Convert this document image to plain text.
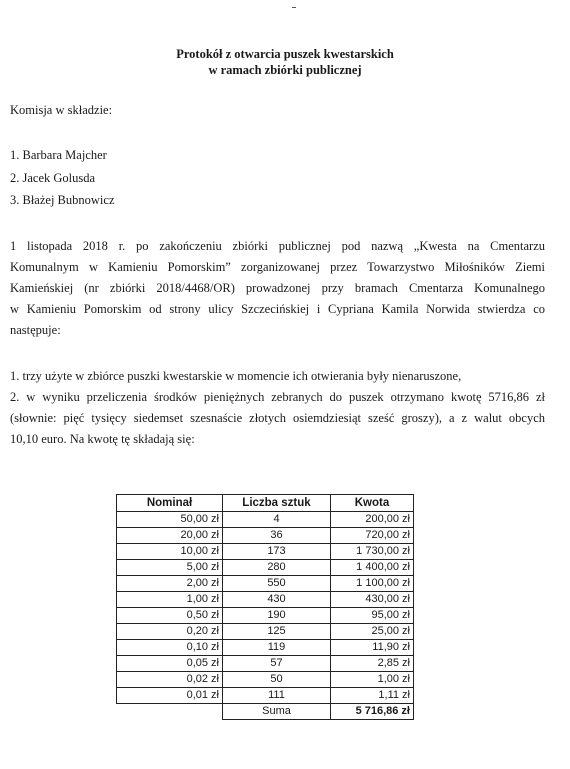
Protokół z otwarcia puszek kwestarskich
w ramach zbiórki publicznej
Komisja w składzie:
1. Barbara Majcher
2. Jacek Golusda
3. Błażej Bubnowicz
1 listopada 2018 r. po zakończeniu zbiórki publicznej pod nazwą „Kwesta na Cmentarzu
Komunalnym w Kamieniu Pomorskim” zorganizowanej przez Towarzystwo Miłośników Ziemi
Kamieńskiej (nr zbiórki 2018/4468/OR) prowadzonej przy bramach Cmentarza Komunalnego
w Kamieniu Pomorskim od strony ulicy Szczecińskiej i Cypriana Kamila Norwida stwierdza co
następuje:
1. trzy użyte w zbiórce puszki kwestarskie w momencie ich otwierania były nienaruszone,
2. w wyniku przeliczenia środków pieniężnych zebranych do puszek otrzymano kwotę 5716,86 zł
(słownie: pięć tysięcy siedemset szesnaście złotych osiemdziesiąt sześć groszy), a z walut obcych
10,10 euro. Na kwotę tę składają się:
Nominał	Liczba sztuk	Kwota
50,00 zł	4	200,00 zł
20,00 zł	36	720,00 zł
10,00 zł	173	1 730,00 zł
5,00 zł	280	1 400,00 zł
2,00 zł	550	1 100,00 zł
1,00 zł	430	430,00 zł
0,50 zł	190	95,00 zł
0,20 zł	125	25,00 zł
0,10 zł	119	11,90 zł
0,05 zł	57	2,85 zł
0,02 zł	50	1,00 zł
0,01 zł	111	1,11 zł
	Suma	5 716,86 zł
